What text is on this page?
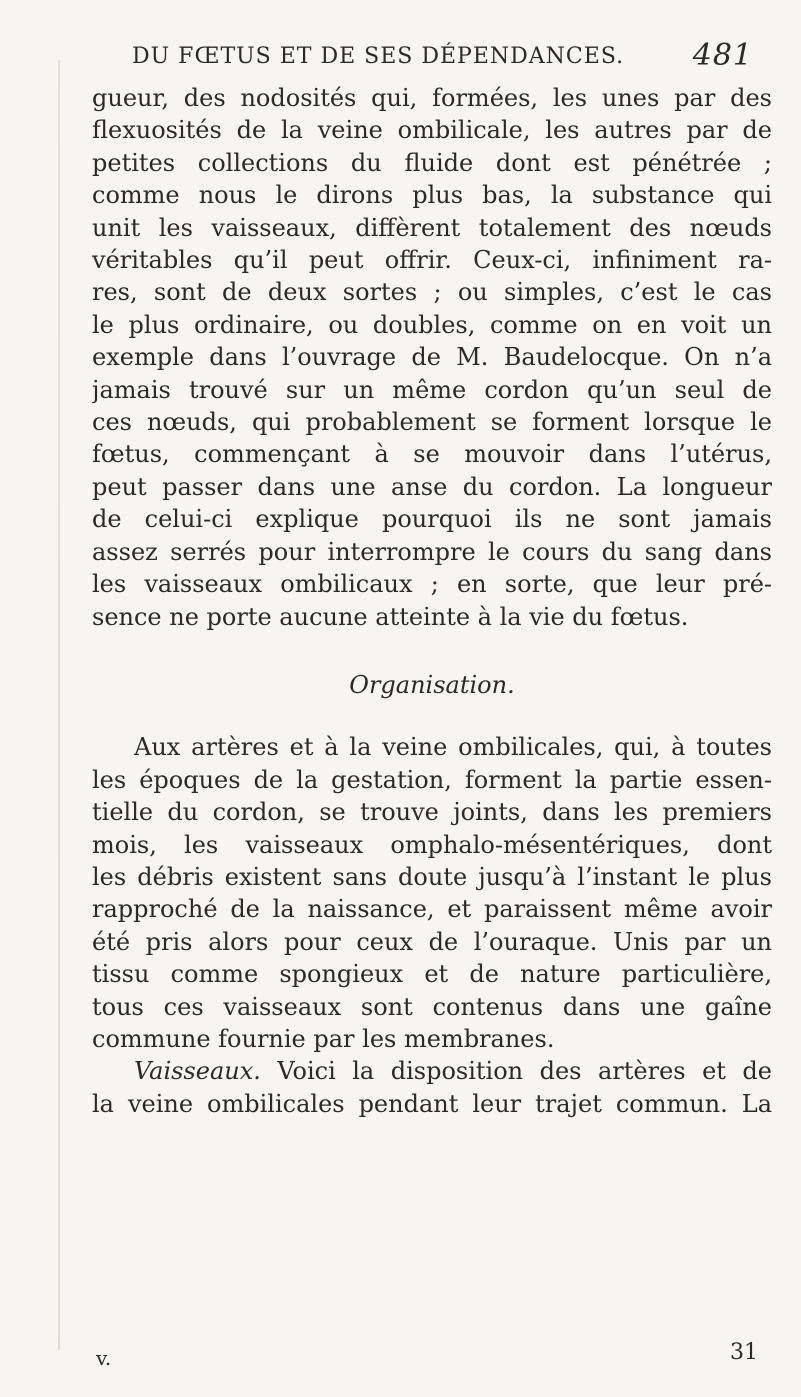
DU FŒTUS ET DE SES DÉPENDANCES. 481
gueur, des nodosités qui, formées, les unes par des
flexuosités de la veine ombilicale, les autres par de
petites collections du fluide dont est pénétrée ;
comme nous le dirons plus bas, la substance qui
unit les vaisseaux, diffèrent totalement des nœuds
véritables qu’il peut offrir. Ceux-ci, infiniment ra-
res, sont de deux sortes ; ou simples, c’est le cas
le plus ordinaire, ou doubles, comme on en voit un
exemple dans l’ouvrage de M. Baudelocque. On n’a
jamais trouvé sur un même cordon qu’un seul de
ces nœuds, qui probablement se forment lorsque le
fœtus, commençant à se mouvoir dans l’utérus,
peut passer dans une anse du cordon. La longueur
de celui-ci explique pourquoi ils ne sont jamais
assez serrés pour interrompre le cours du sang dans
les vaisseaux ombilicaux ; en sorte, que leur pré-
sence ne porte aucune atteinte à la vie du fœtus.
Organisation.
Aux artères et à la veine ombilicales, qui, à toutes
les époques de la gestation, forment la partie essen-
tielle du cordon, se trouve joints, dans les premiers
mois, les vaisseaux omphalo-mésentériques, dont
les débris existent sans doute jusqu’à l’instant le plus
rapproché de la naissance, et paraissent même avoir
été pris alors pour ceux de l’ouraque. Unis par un
tissu comme spongieux et de nature particulière,
tous ces vaisseaux sont contenus dans une gaîne
commune fournie par les membranes.
Vaisseaux. Voici la disposition des artères et de
la veine ombilicales pendant leur trajet commun. La
v.	31
